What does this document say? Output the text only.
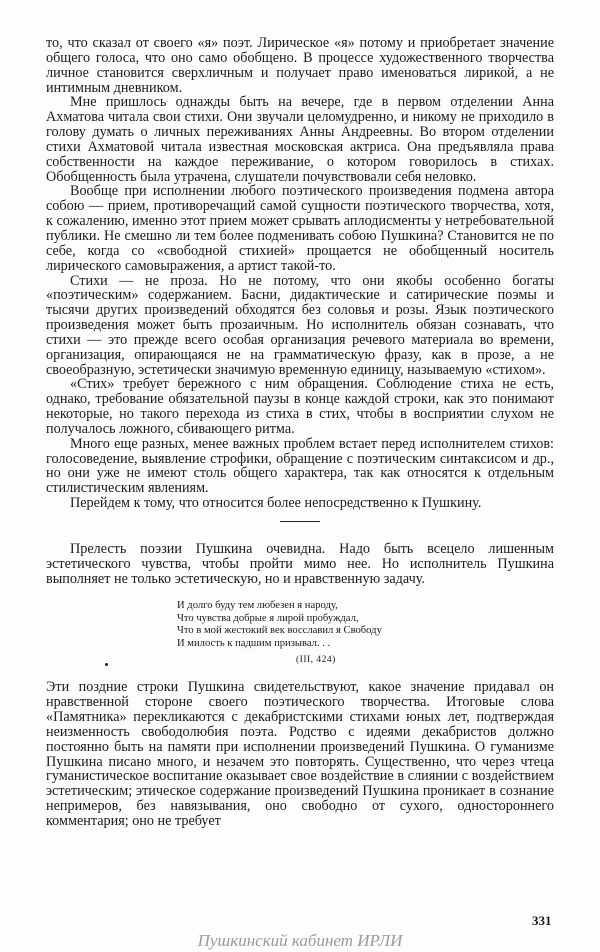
то, что сказал от своего «я» поэт. Лирическое «я» потому и приобретает значение общего голоса, что оно само обобщено. В процессе художественного творчества личное становится сверхличным и получает право именоваться лирикой, а не интимным дневником.

Мне пришлось однажды быть на вечере, где в первом отделении Анна Ахматова читала свои стихи. Они звучали целомудренно, и никому не приходило в голову думать о личных переживаниях Анны Андреевны. Во втором отделении стихи Ахматовой читала известная московская актриса. Она предъявляла права собственности на каждое переживание, о котором говорилось в стихах. Обобщенность была утрачена, слушатели почувствовали себя неловко.

Вообще при исполнении любого поэтического произведения подмена автора собою — прием, противоречащий самой сущности поэтического творчества, хотя, к сожалению, именно этот прием может срывать аплодисменты у нетребовательной публики. Не смешно ли тем более подменивать собою Пушкина? Становится не по себе, когда со «свободной стихией» прощается не обобщенный носитель лирического самовыражения, а артист такой-то.

Стихи — не проза. Но не потому, что они якобы особенно богаты «поэтическим» содержанием. Басни, дидактические и сатирические поэмы и тысячи других произведений обходятся без соловья и розы. Язык поэтического произведения может быть прозаичным. Но исполнитель обязан сознавать, что стихи — это прежде всего особая организация речевого материала во времени, организация, опирающаяся не на грамматическую фразу, как в прозе, а не своеобразную, эстетически значимую временную единицу, называемую «стихом».

«Стих» требует бережного с ним обращения. Соблюдение стиха не есть, однако, требование обязательной паузы в конце каждой строки, как это понимают некоторые, но такого перехода из стиха в стих, чтобы в восприятии слухом не получалось ложного, сбивающего ритма.

Много еще разных, менее важных проблем встает перед исполнителем стихов: голосоведение, выявление строфики, обращение с поэтическим синтаксисом и др., но они уже не имеют столь общего характера, так как относятся к отдельным стилистическим явлениям.

Перейдем к тому, что относится более непосредственно к Пушкину.

Прелесть поэзии Пушкина очевидна. Надо быть всецело лишенным эстетического чувства, чтобы пройти мимо нее. Но исполнитель Пушкина выполняет не только эстетическую, но и нравственную задачу.

И долго буду тем любезен я народу,
Что чувства добрые я лирой пробуждал,
Что в мой жестокий век восславил я Свободу
И милость к падшим призывал. . .
(III, 424)

Эти поздние строки Пушкина свидетельствуют, какое значение придавал он нравственной стороне своего поэтического творчества. Итоговые слова «Памятника» перекликаются с декабристскими стихами юных лет, подтверждая неизменность свободолюбия поэта. Родство с идеями декабристов должно постоянно быть на памяти при исполнении произведений Пушкина. О гуманизме Пушкина писано много, и незачем это повторять. Существенно, что через чтеца гуманистическое воспитание оказывает свое воздействие в слиянии с воздействием эстетическим; этическое содержание произведений Пушкина проникает в сознание непримеров, без навязывания, оно свободно от сухого, одностороннего комментария; оно не требует

331
Пушкинский кабинет ИРЛИ
